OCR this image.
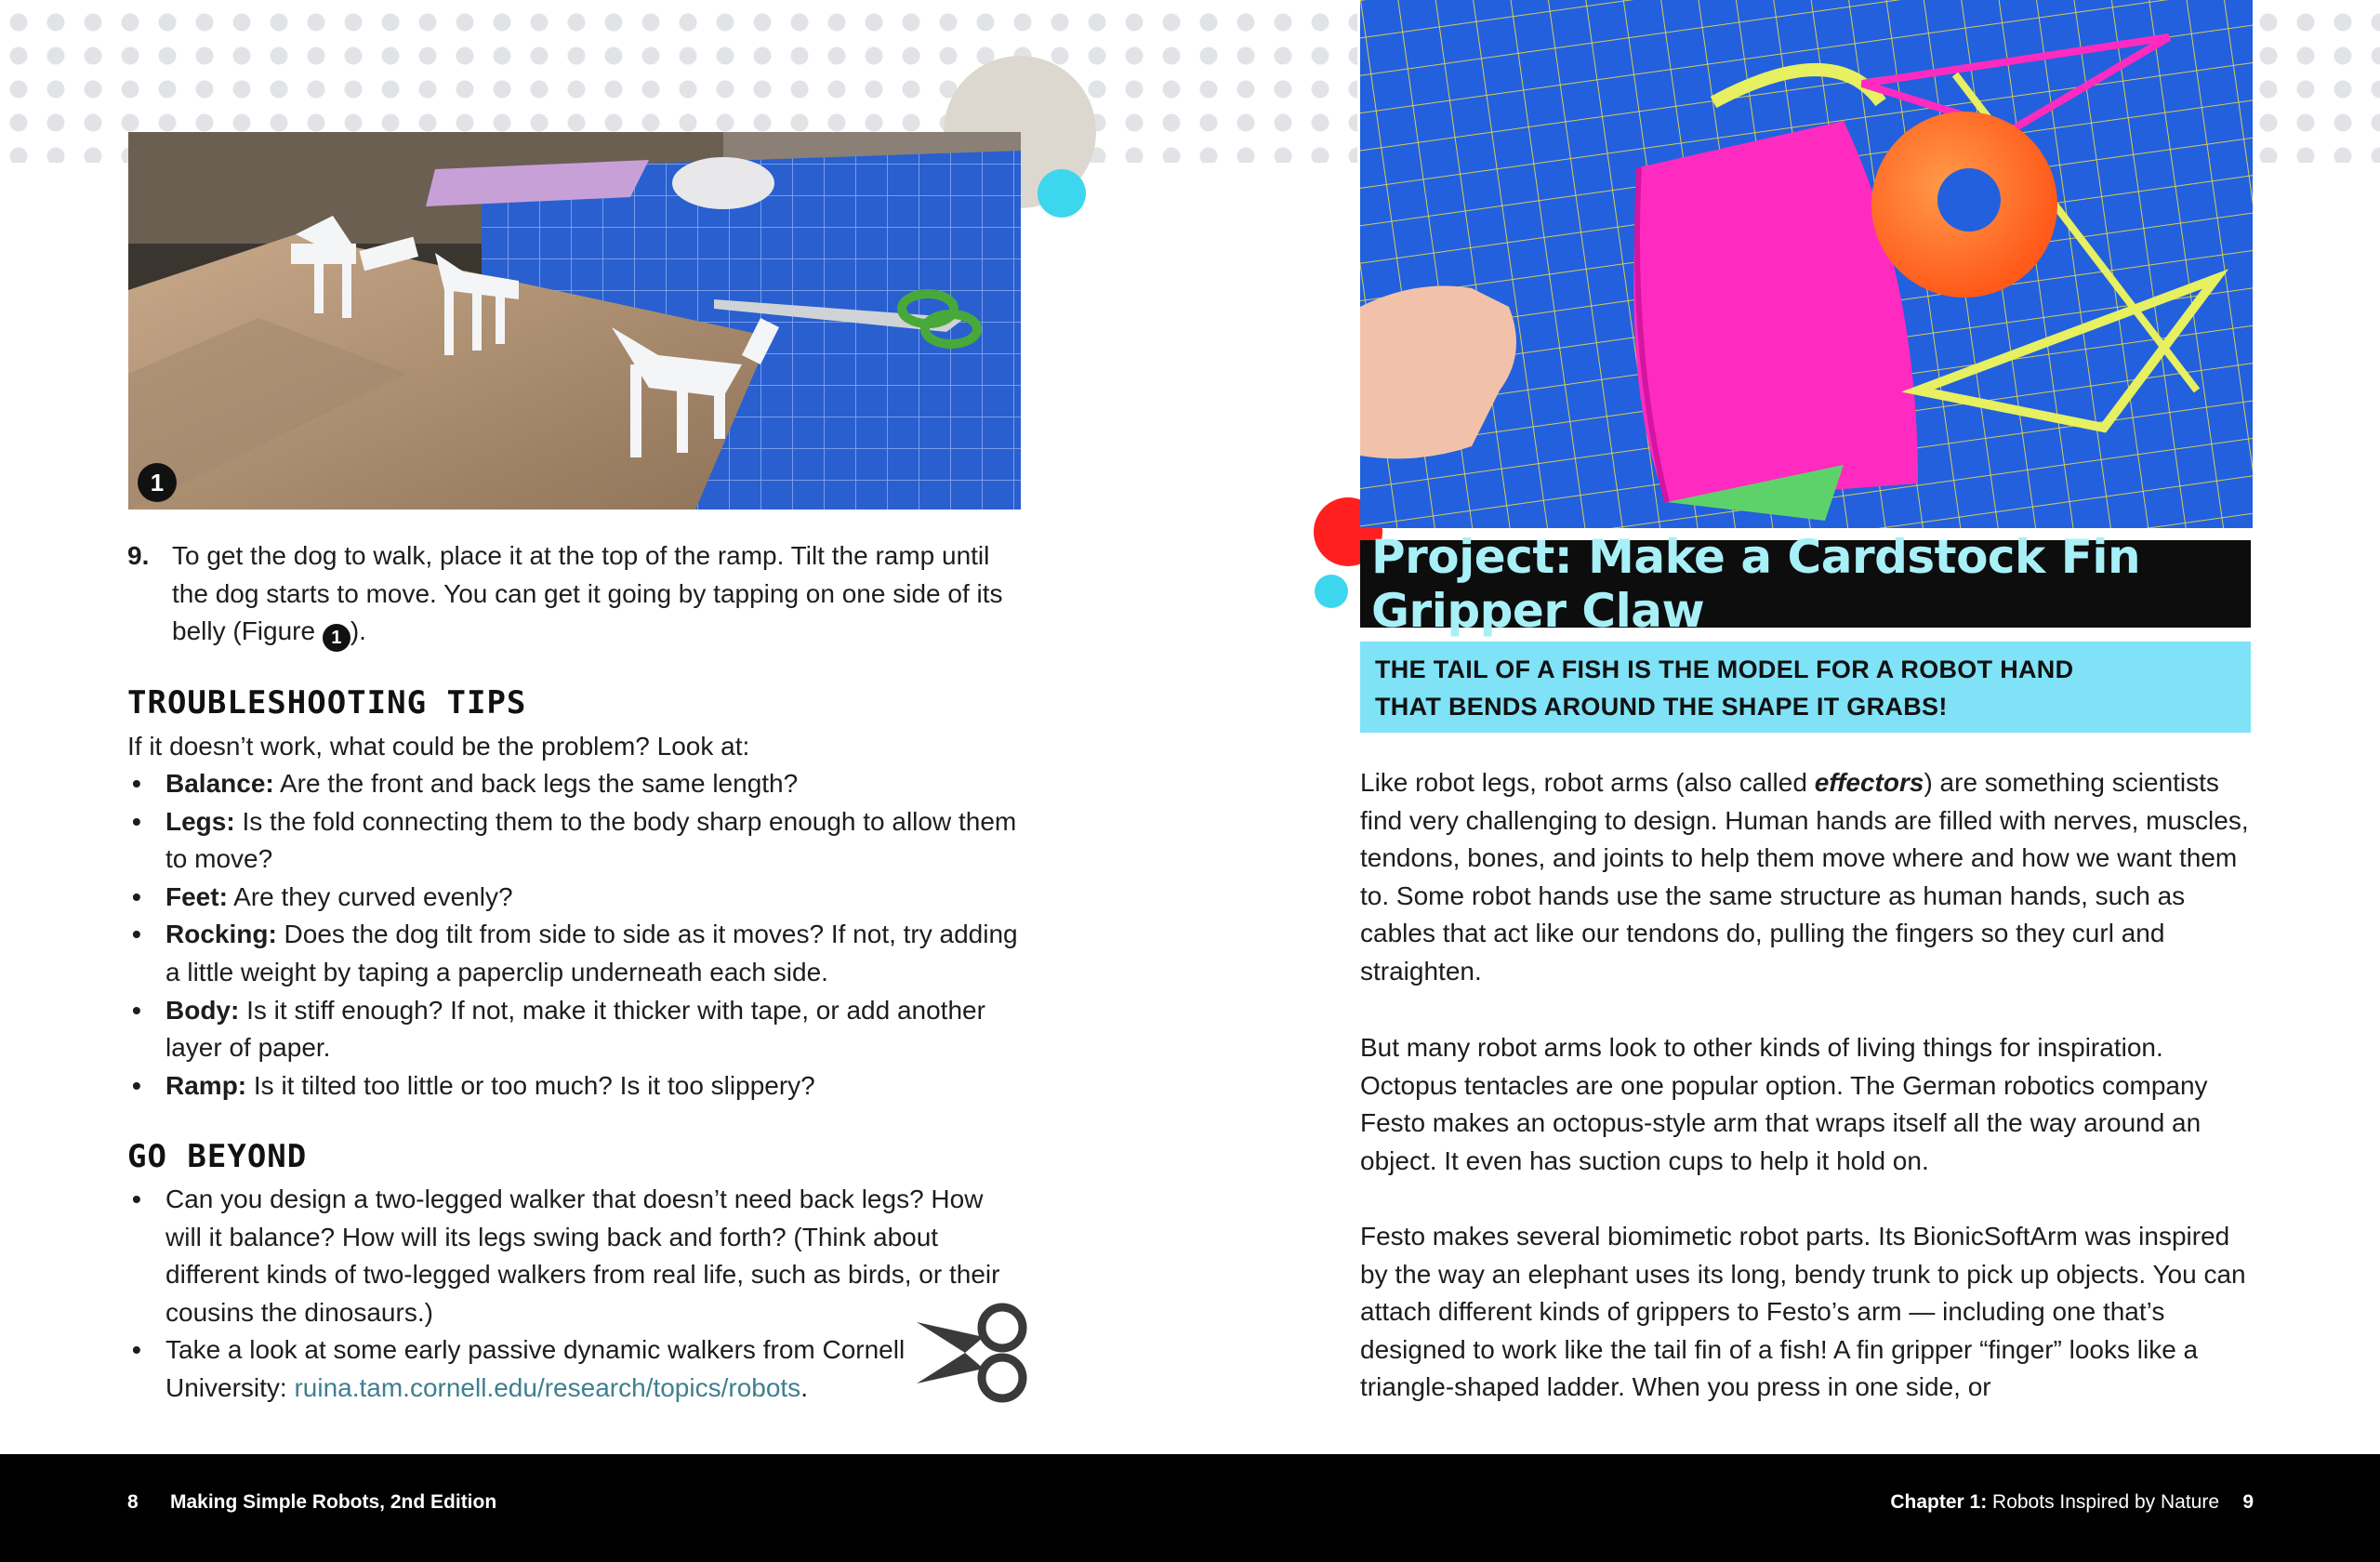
1
9. To get the dog to walk, place it at the top of the ramp. Tilt the ramp until the dog starts to move. You can get it going by tapping on one side of its belly (Figure 1 ).
TROUBLESHOOTING TIPS
If it doesn’t work, what could be the problem? Look at:
• Balance: Are the front and back legs the same length?
• Legs: Is the fold connecting them to the body sharp enough to allow them to move?
• Feet: Are they curved evenly?
• Rocking: Does the dog tilt from side to side as it moves? If not, try adding a little weight by taping a paperclip underneath each side.
• Body: Is it stiff enough? If not, make it thicker with tape, or add another layer of paper.
• Ramp: Is it tilted too little or too much? Is it too slippery?
GO BEYOND
• Can you design a two-legged walker that doesn’t need back legs? How will it balance? How will its legs swing back and forth? (Think about different kinds of two-legged walkers from real life, such as birds, or their cousins the dinosaurs.)
• Take a look at some early passive dynamic walkers from Cornell University: ruina.tam.cornell.edu/research/topics/robots.
Project: Make a Cardstock Fin Gripper Claw
THE TAIL OF A FISH IS THE MODEL FOR A ROBOT HAND
THAT BENDS AROUND THE SHAPE IT GRABS!
Like robot legs, robot arms (also called effectors) are something scientists find very challenging to design. Human hands are filled with nerves, muscles, tendons, bones, and joints to help them move where and how we want them to. Some robot hands use the same structure as human hands, such as cables that act like our tendons do, pulling the fingers so they curl and straighten.
But many robot arms look to other kinds of living things for inspiration. Octopus tentacles are one popular option. The German robotics company Festo makes an octopus-style arm that wraps itself all the way around an object. It even has suction cups to help it hold on.
Festo makes several biomimetic robot parts. Its BionicSoftArm was inspired by the way an elephant uses its long, bendy trunk to pick up objects. You can attach different kinds of grippers to Festo’s arm — including one that’s designed to work like the tail fin of a fish! A fin gripper “finger” looks like a triangle-shaped ladder. When you press in one side, or
8 Making Simple Robots, 2nd Edition	Chapter 1: Robots Inspired by Nature 9
